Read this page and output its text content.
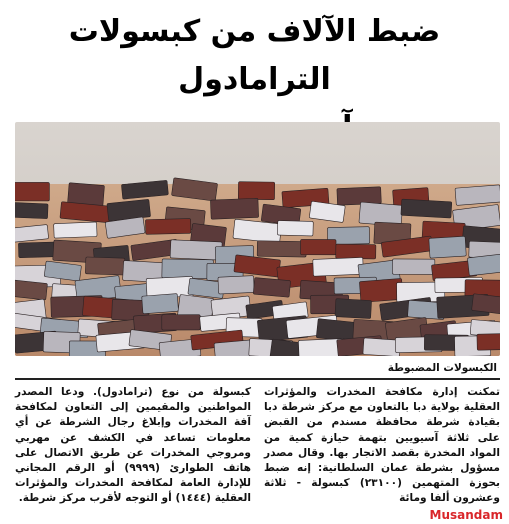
ضبط الآلاف من كبسولات الترامادول
الكبسولات المضبوطة

تمكنت إدارة مكافحة المخدرات والمؤثرات العقلية بولاية دبا بالتعاون مع مركز شرطة دبا بقيادة شرطة محافظة مسندم من القبض على ثلاثة آسيويين بتهمة حيازة كمية من المواد المخدرة بقصد الاتجار بها. وقال مصدر مسؤول بشرطة عمان السلطانية: إنه ضبط بحوزة المتهمين (٢٣١٠٠) كبسولة - ثلاثة وعشرون ألفا ومائة

كبسولة من نوع (ترامادول). ودعا المصدر المواطنين والمقيمين إلى التعاون لمكافحة آفة المخدرات وإبلاغ رجال الشرطة عن أي معلومات تساعد في الكشف عن مهربي ومروجي المخدرات عن طريق الاتصال على هاتف الطوارئ (٩٩٩٩) أو الرقم المجاني للإدارة العامة لمكافحة المخدرات والمؤثرات العقلية (١٤٤٤) أو التوجه لأقرب مركز شرطة.

Musandam
